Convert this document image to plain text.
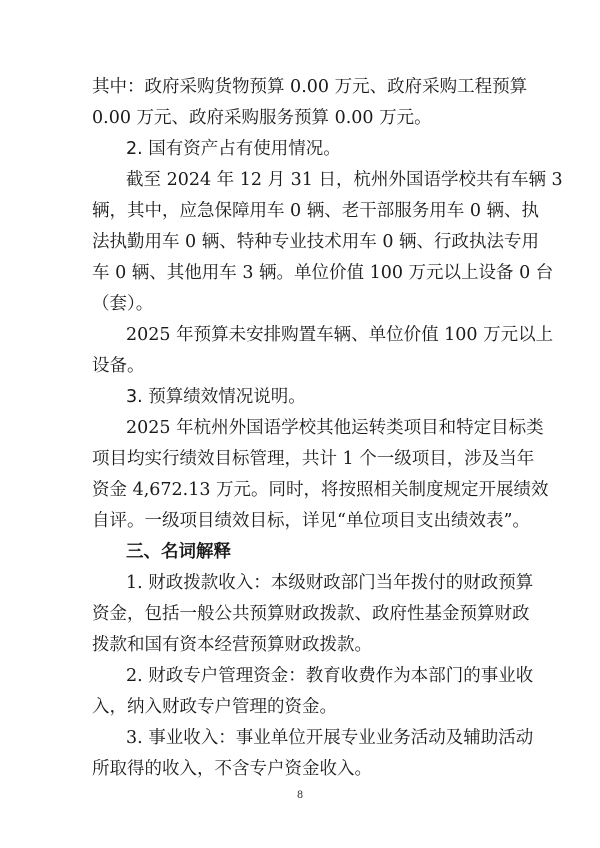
其中：政府采购货物预算 0.00 万元、政府采购工程预算
0.00 万元、政府采购服务预算 0.00 万元。
2. 国有资产占有使用情况。
截至 2024 年 12 月 31 日，杭州外国语学校共有车辆 3
辆，其中，应急保障用车 0 辆、老干部服务用车 0 辆、执
法执勤用车 0 辆、特种专业技术用车 0 辆、行政执法专用
车 0 辆、其他用车 3 辆。单位价值 100 万元以上设备 0 台
（套）。
2025 年预算未安排购置车辆、单位价值 100 万元以上
设备。
3. 预算绩效情况说明。
2025 年杭州外国语学校其他运转类项目和特定目标类
项目均实行绩效目标管理，共计 1 个一级项目，涉及当年
资金 4,672.13 万元。同时，将按照相关制度规定开展绩效
自评。一级项目绩效目标，详见“单位项目支出绩效表”。
三、名词解释
1. 财政拨款收入：本级财政部门当年拨付的财政预算
资金，包括一般公共预算财政拨款、政府性基金预算财政
拨款和国有资本经营预算财政拨款。
2. 财政专户管理资金：教育收费作为本部门的事业收
入，纳入财政专户管理的资金。
3. 事业收入：事业单位开展专业业务活动及辅助活动
所取得的收入，不含专户资金收入。
8
